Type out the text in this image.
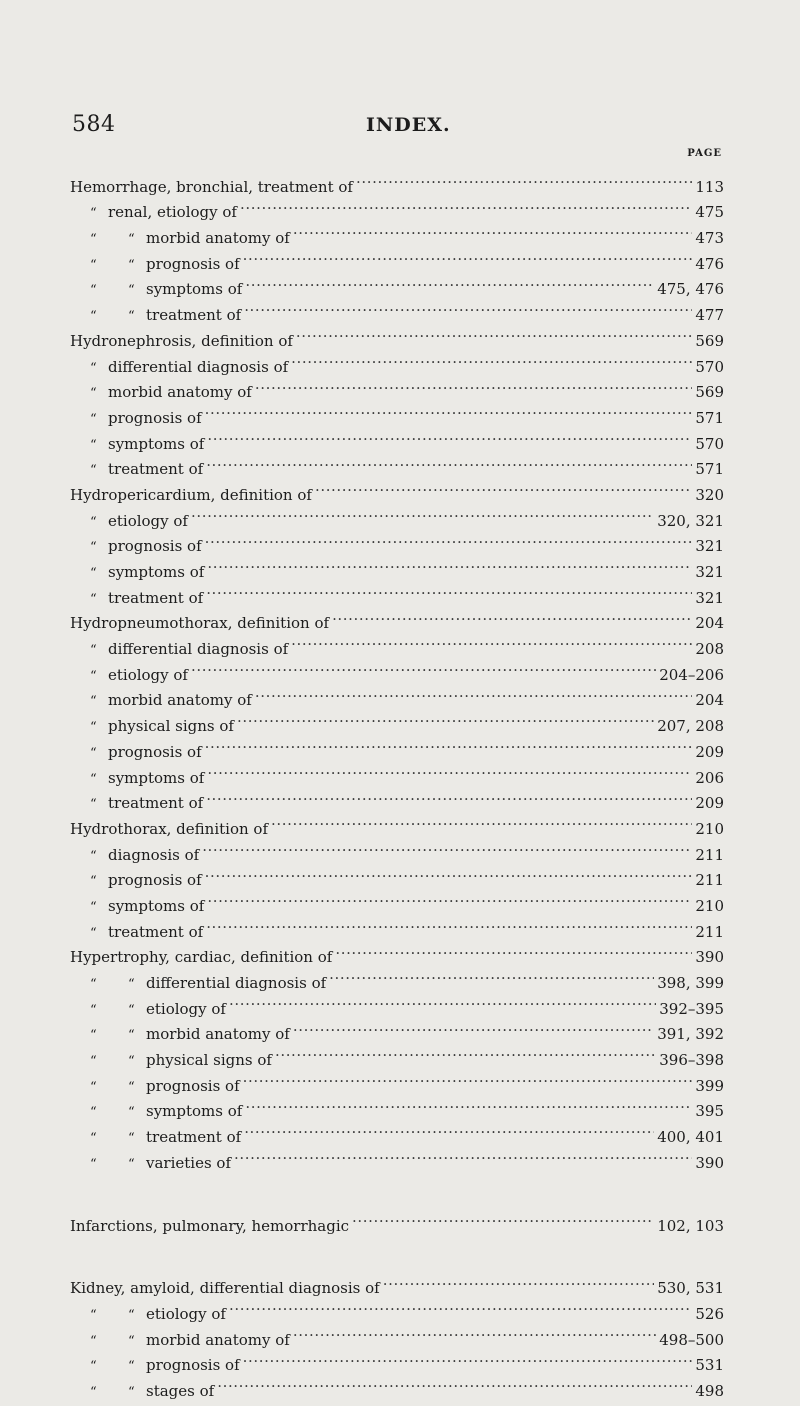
584	INDEX.
PAGE
Hemorrhage, bronchial, treatment of .....	113
“ renal, etiology of .....	475
“	“ morbid anatomy of .....	473
“	“ prognosis of .....	476
“	“ symptoms of .....	475, 476
“	“ treatment of .....	477
Hydronephrosis, definition of .....	569
“ differential diagnosis of .....	570
“ morbid anatomy of .....	569
“ prognosis of .....	571
“ symptoms of .....	570
“ treatment of .....	571
Hydropericardium, definition of .....	320
“ etiology of .....	320, 321
“ prognosis of .....	321
“ symptoms of .....	321
“ treatment of .....	321
Hydropneumothorax, definition of .....	204
“ differential diagnosis of .....	208
“ etiology of .....	204–206
“ morbid anatomy of .....	204
“ physical signs of .....	207, 208
“ prognosis of .....	209
“ symptoms of .....	206
“ treatment of .....	209
Hydrothorax, definition of .....	210
“ diagnosis of .....	211
“ prognosis of .....	211
“ symptoms of .....	210
“ treatment of .....	211
Hypertrophy, cardiac, definition of .....	390
“	“ differential diagnosis of .....	398, 399
“	“ etiology of .....	392–395
“	“ morbid anatomy of .....	391, 392
“	“ physical signs of .....	396–398
“	“ prognosis of .....	399
“	“ symptoms of .....	395
“	“ treatment of .....	400, 401
“	“ varieties of .....	390
Infarctions, pulmonary, hemorrhagic .....	102, 103
Kidney, amyloid, differential diagnosis of .....	530, 531
“	“ etiology of .....	526
“	“ morbid anatomy of .....	498–500
“	“ prognosis of .....	531
“	“ stages of .....	498
